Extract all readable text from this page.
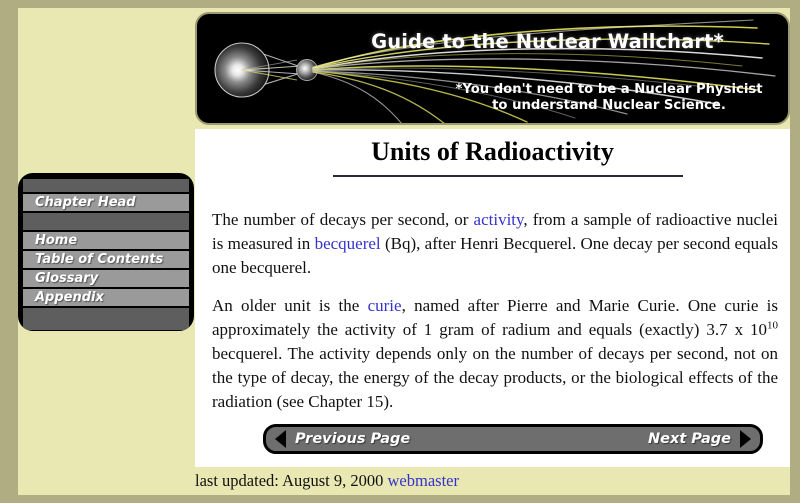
Guide to the Nuclear Wallchart*
*You don't need to be a Nuclear Physicist
to understand Nuclear Science.
Units of Radioactivity

The number of decays per second, or activity, from a sample of radioactive nuclei is measured in becquerel (Bq), after Henri Becquerel. One decay per second equals one becquerel.

An older unit is the curie, named after Pierre and Marie Curie. One curie is approximately the activity of 1 gram of radium and equals (exactly) 3.7 x $10^{10}$ becquerel. The activity depends only on the number of decays per second, not on the type of decay, the energy of the decay products, or the biological effects of the radiation (see Chapter 15).

Previous Page	Next Page
Chapter Head
Home
Table of Contents
Glossary
Appendix
last updated: August 9, 2000 webmaster
